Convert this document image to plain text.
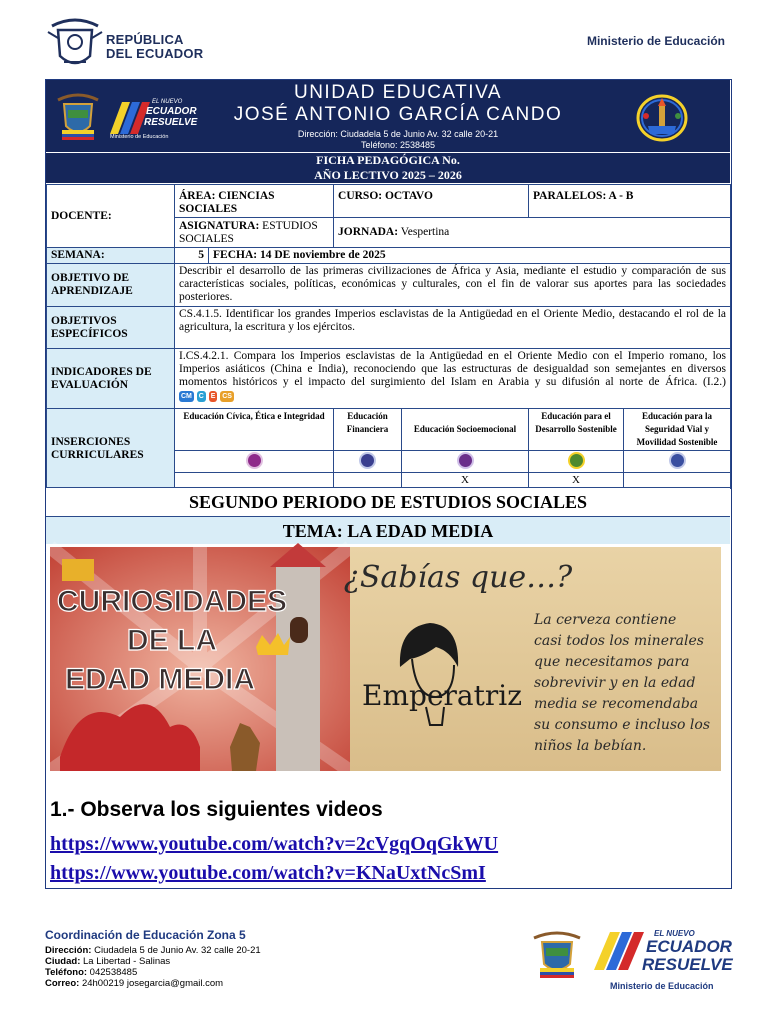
REPÚBLICA
DEL ECUADOR
Ministerio de Educación
EL NUEVO
ECUADOR
RESUELVE
Ministerio de Educación
UNIDAD EDUCATIVA
JOSÉ ANTONIO GARCÍA CANDO
Dirección: Ciudadela 5 de Junio Av. 32 calle 20-21
Teléfono: 2538485
FICHA PEDAGÓGICA No.
AÑO LECTIVO 2025 – 2026
DOCENTE:	ÁREA: CIENCIAS SOCIALES		CURSO: OCTAVO		PARALELOS: A - B	
	ASIGNATURA: ESTUDIOS SOCIALES		JORNADA: Vespertina			
SEMANA:	5	FECHA: 14 DE noviembre de 2025				
OBJETIVO DE APRENDIZAJE	Describir el desarrollo de las primeras civilizaciones de África y Asia, mediante el estudio y comparación de sus características sociales, políticas, económicas y culturales, con el fin de valorar sus aportes para las sociedades posteriores.					
OBJETIVOS ESPECÍFICOS	CS.4.1.5. Identificar los grandes Imperios esclavistas de la Antigüedad en el Oriente Medio, destacando el rol de la agricultura, la escritura y los ejércitos.					
INDICADORES DE EVALUACIÓN	I.CS.4.2.1. Compara los Imperios esclavistas de la Antigüedad en el Oriente Medio con el Imperio romano, los Imperios asiáticos (China e India), reconociendo que las estructuras de desigualdad son semejantes en diversos momentos históricos y el impacto del surgimiento del Islam en Arabia y su difusión al norte de África. (I.2.) CM C E CS					
INSERCIONES CURRICULARES	Educación Cívica, Ética e Integridad		Educación Financiera	Educación Socioemocional	Educación para el Desarrollo Sostenible	Educación para la Seguridad Vial y Movilidad Sostenible

				X	X	
SEGUNDO PERIODO DE ESTUDIOS SOCIALES
TEMA: LA EDAD MEDIA
CURIOSIDADES
DE LA
EDAD MEDIA
¿Sabías que…?
Emperatriz
La cerveza contiene
casi todos los minerales
que necesitamos para
sobrevivir y en la edad
media se recomendaba
su consumo e incluso los
niños la bebían.
1.- Observa los siguientes videos
https://www.youtube.com/watch?v=2cVgqOqGkWU
https://www.youtube.com/watch?v=KNaUxtNcSmI
Coordinación de Educación Zona 5
Dirección: Ciudadela 5 de Junio Av. 32 calle 20-21
Ciudad: La Libertad - Salinas
Teléfono: 042538485
Correo: 24h00219 josegarcia@gmail.com
EL NUEVO
ECUADOR
RESUELVE
Ministerio de Educación
